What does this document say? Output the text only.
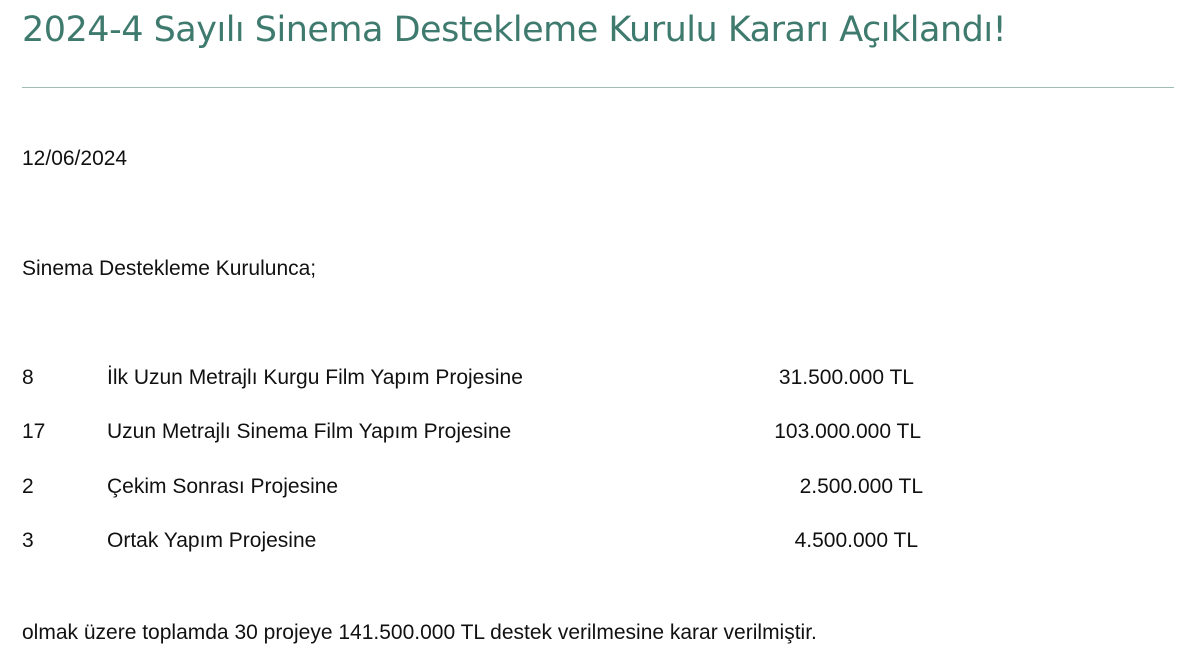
2024-4 Sayılı Sinema Destekleme Kurulu Kararı Açıklandı!

12/06/2024

Sinema Destekleme Kurulunca;

8	İlk Uzun Metrajlı Kurgu Film Yapım Projesine	31.500.000 TL
17	Uzun Metrajlı Sinema Film Yapım Projesine	103.000.000 TL
2	Çekim Sonrası Projesine	2.500.000 TL
3	Ortak Yapım Projesine	4.500.000 TL

olmak üzere toplamda 30 projeye 141.500.000 TL destek verilmesine karar verilmiştir.
